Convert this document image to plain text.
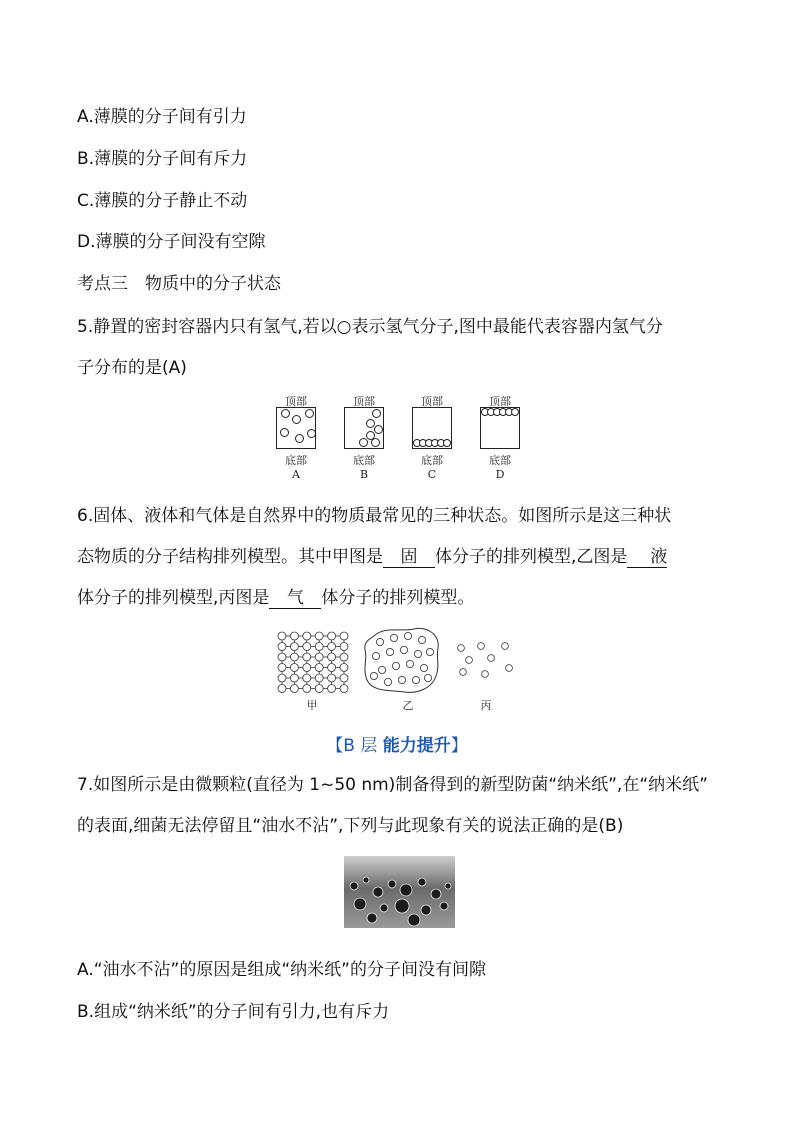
A.薄膜的分子间有引力
B.薄膜的分子间有斥力
C.薄膜的分子静止不动
D.薄膜的分子间没有空隙
考点三　物质中的分子状态
5.静置的密封容器内只有氢气,若以○表示氢气分子,图中最能代表容器内氢气分
子分布的是(A)
顶部	顶部	顶部	顶部
底部	底部	底部	底部
A	B	C	D
6.固体、液体和气体是自然界中的物质最常见的三种状态。如图所示是这三种状
态物质的分子结构排列模型。其中甲图是 固 体分子的排列模型,乙图是 液
体分子的排列模型,丙图是 气 体分子的排列模型。
甲	乙	丙
【B 层 能力提升】
7.如图所示是由微颗粒(直径为 1~50 nm)制备得到的新型防菌“纳米纸”,在“纳米纸”
的表面,细菌无法停留且“油水不沾”,下列与此现象有关的说法正确的是(B)
A.“油水不沾”的原因是组成“纳米纸”的分子间没有间隙
B.组成“纳米纸”的分子间有引力,也有斥力
